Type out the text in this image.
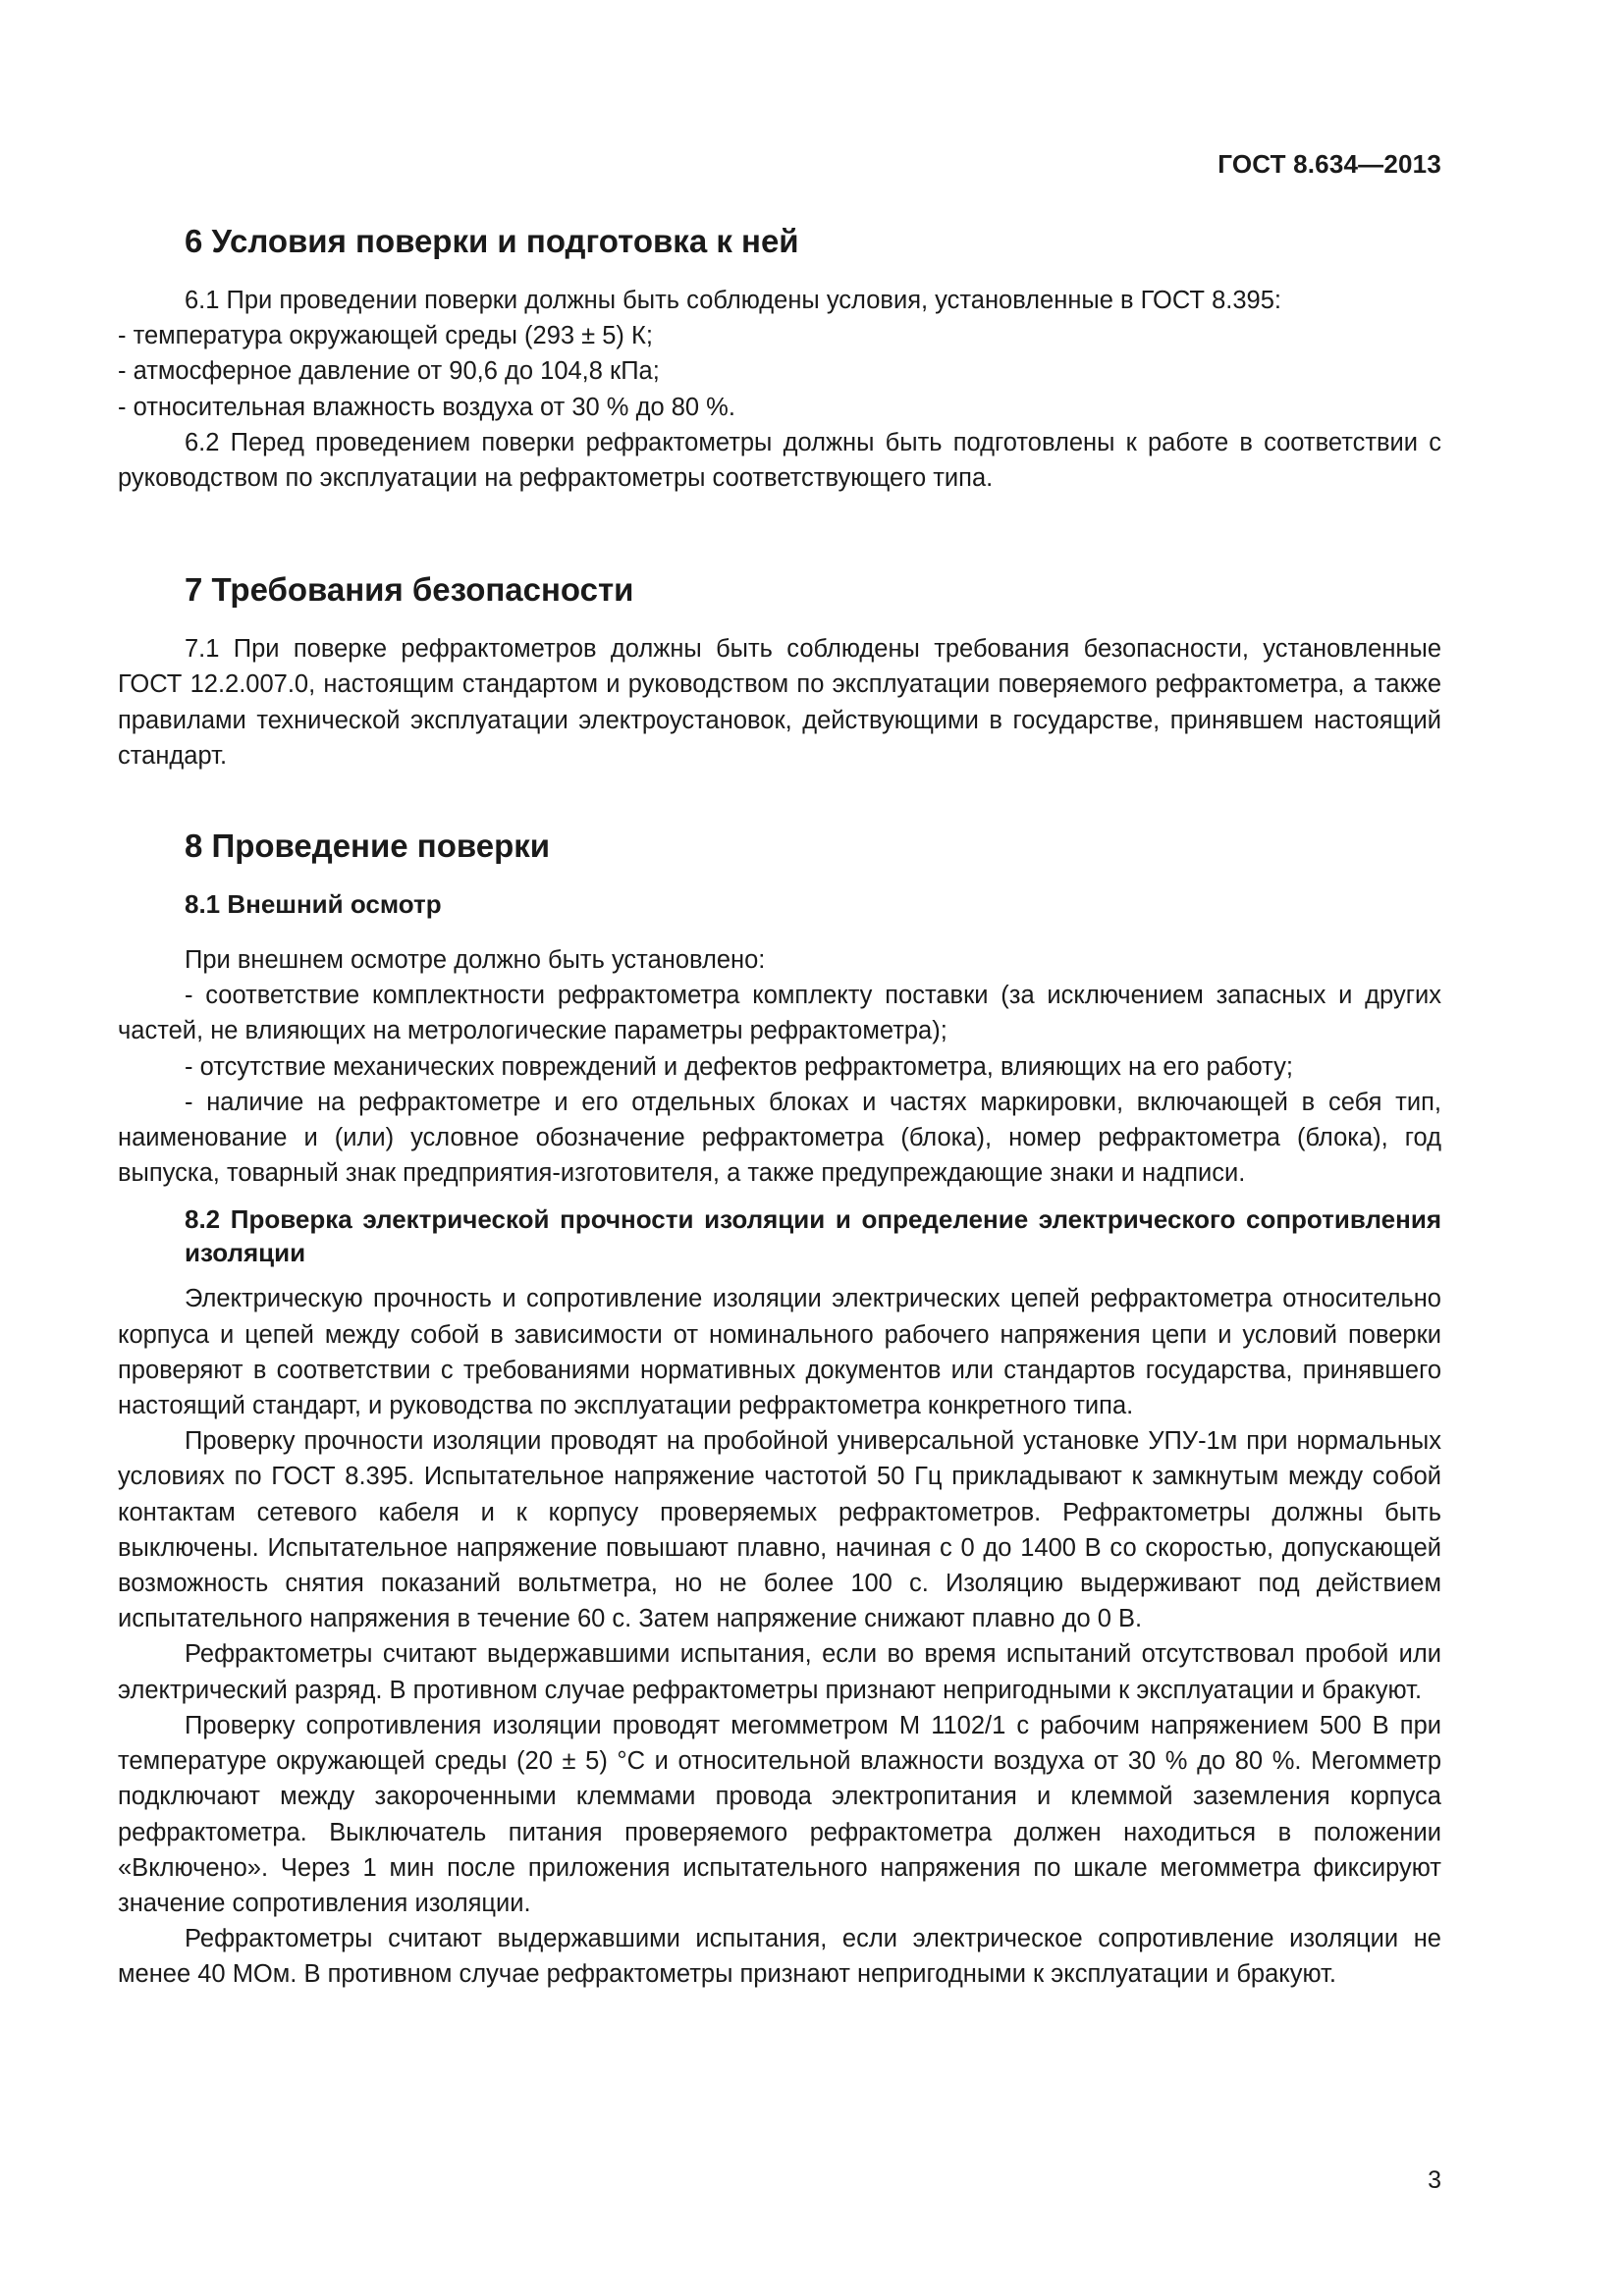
ГОСТ 8.634—2013
6 Условия поверки и подготовка к ней

6.1 При проведении поверки должны быть соблюдены условия, установленные в ГОСТ 8.395:

- температура окружающей среды (293 ± 5) К;

- атмосферное давление от 90,6 до 104,8 кПа;

- относительная влажность воздуха от 30 % до 80 %.

6.2 Перед проведением поверки рефрактометры должны быть подготовлены к работе в соответствии с руководством по эксплуатации на рефрактометры соответствующего типа.

7 Требования безопасности

7.1 При поверке рефрактометров должны быть соблюдены требования безопасности, установленные ГОСТ 12.2.007.0, настоящим стандартом и руководством по эксплуатации поверяемого рефрактометра, а также правилами технической эксплуатации электроустановок, действующими в государстве, принявшем настоящий стандарт.

8 Проведение поверки
8.1 Внешний осмотр

При внешнем осмотре должно быть установлено:

- соответствие комплектности рефрактометра комплекту поставки (за исключением запасных и других частей, не влияющих на метрологические параметры рефрактометра);

- отсутствие механических повреждений и дефектов рефрактометра, влияющих на его работу;

- наличие на рефрактометре и его отдельных блоках и частях маркировки, включающей в себя тип, наименование и (или) условное обозначение рефрактометра (блока), номер рефрактометра (блока), год выпуска, товарный знак предприятия-изготовителя, а также предупреждающие знаки и надписи.

8.2 Проверка электрической прочности изоляции и определение электрического сопротивления изоляции

Электрическую прочность и сопротивление изоляции электрических цепей рефрактометра относительно корпуса и цепей между собой в зависимости от номинального рабочего напряжения цепи и условий поверки проверяют в соответствии с требованиями нормативных документов или стандартов государства, принявшего настоящий стандарт, и руководства по эксплуатации рефрактометра конкретного типа.

Проверку прочности изоляции проводят на пробойной универсальной установке УПУ-1м при нормальных условиях по ГОСТ 8.395. Испытательное напряжение частотой 50 Гц прикладывают к замкнутым между собой контактам сетевого кабеля и к корпусу проверяемых рефрактометров. Рефрактометры должны быть выключены. Испытательное напряжение повышают плавно, начиная с 0 до 1400 В со скоростью, допускающей возможность снятия показаний вольтметра, но не более 100 с. Изоляцию выдерживают под действием испытательного напряжения в течение 60 с. Затем напряжение снижают плавно до 0 В.

Рефрактометры считают выдержавшими испытания, если во время испытаний отсутствовал пробой или электрический разряд. В противном случае рефрактометры признают непригодными к эксплуатации и бракуют.

Проверку сопротивления изоляции проводят мегомметром М 1102/1 с рабочим напряжением 500 В при температуре окружающей среды (20 ± 5) °С и относительной влажности воздуха от 30 % до 80 %. Мегомметр подключают между закороченными клеммами провода электропитания и клеммой заземления корпуса рефрактометра. Выключатель питания проверяемого рефрактометра должен находиться в положении «Включено». Через 1 мин после приложения испытательного напряжения по шкале мегомметра фиксируют значение сопротивления изоляции.

Рефрактометры считают выдержавшими испытания, если электрическое сопротивление изоляции не менее 40 МОм. В противном случае рефрактометры признают непригодными к эксплуатации и бракуют.

3
